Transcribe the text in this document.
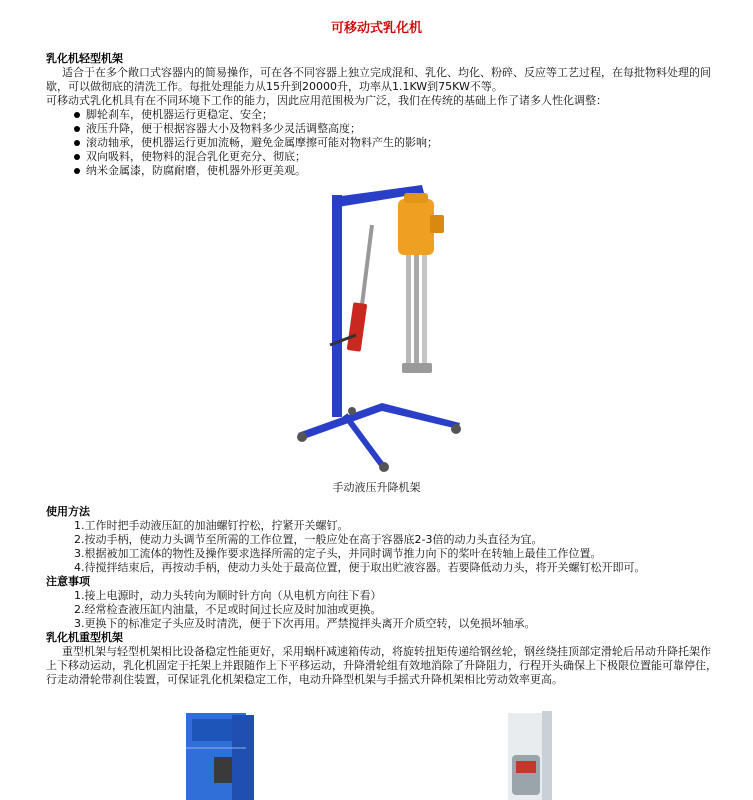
可移动式乳化机
乳化机轻型机架

适合于在多个敞口式容器内的简易操作，可在各不同容器上独立完成混和、乳化、均化、粉碎、反应等工艺过程，在每批物料处理的间歇，可以做彻底的清洗工作。每批处理能力从15升到20000升，功率从1.1KW到75KW不等。

可移动式乳化机具有在不同环境下工作的能力，因此应用范围极为广泛，我们在传统的基础上作了诸多人性化调整：

脚轮刹车，使机器运行更稳定、安全；
液压升降，便于根据容器大小及物料多少灵活调整高度；
滚动轴承，使机器运行更加流畅，避免金属摩擦可能对物料产生的影响；
双向吸料，使物料的混合乳化更充分、彻底；
纳米金属漆，防腐耐磨，使机器外形更美观。
手动液压升降机架
使用方法
1.工作时把手动液压缸的加油螺钉拧松，拧紧开关螺钉。
2.按动手柄，使动力头调节至所需的工作位置，一般应处在高于容器底2-3倍的动力头直径为宜。
3.根据被加工流体的物性及操作要求选择所需的定子头，并同时调节推力向下的桨叶在转轴上最佳工作位置。
4.待搅拌结束后，再按动手柄，使动力头处于最高位置，便于取出贮液容器。若要降低动力头，将开关螺钉松开即可。
注意事项
1.接上电源时，动力头转向为顺时针方向（从电机方向往下看）
2.经常检查液压缸内油量，不足或时间过长应及时加油或更换。
3.更换下的标准定子头应及时清洗，便于下次再用。严禁搅拌头离开介质空转，以免损坏轴承。
乳化机重型机架

重型机架与轻型机架相比设备稳定性能更好，采用蜗杆减速箱传动，将旋转扭矩传递给钢丝轮，钢丝绕挂顶部定滑轮后吊动升降托架作上下移动运动，乳化机固定于托架上并跟随作上下平移运动，升降滑轮组有效地消除了升降阻力，行程开头确保上下极限位置能可靠停住，行走动滑轮带刹住装置，可保证乳化机架稳定工作，电动升降型机架与手摇式升降机架相比劳动效率更高。
